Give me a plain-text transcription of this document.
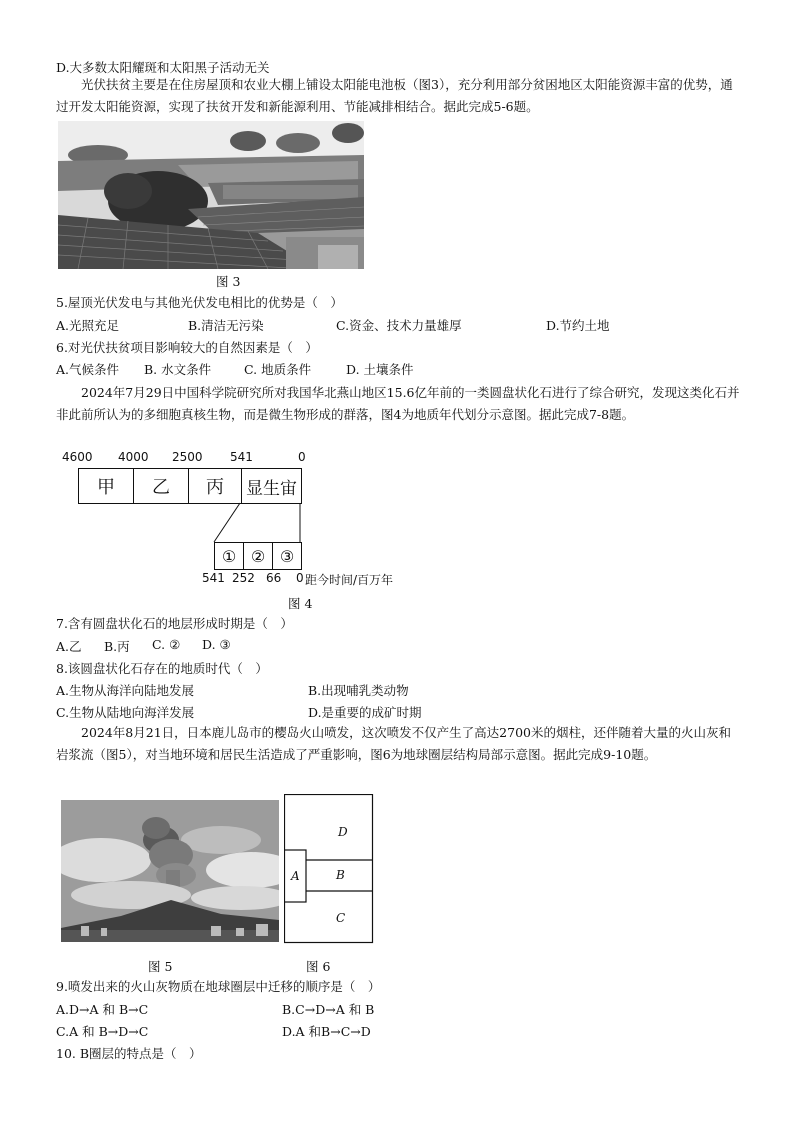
D.大多数太阳耀斑和太阳黑子活动无关
光伏扶贫主要是在住房屋顶和农业大棚上铺设太阳能电池板（图3），充分利用部分贫困地区太阳能资源丰富的优势，通过开发太阳能资源，实现了扶贫开发和新能源利用、节能减排相结合。据此完成5-6题。
图 3
5.屋顶光伏发电与其他光伏发电相比的优势是（　）
A.光照充足	B.清洁无污染	C.资金、技术力量雄厚	D.节约土地
6.对光伏扶贫项目影响较大的自然因素是（　）
A.气候条件 B. 水文条件	C. 地质条件	D. 土壤条件
2024年7月29日中国科学院研究所对我国华北燕山地区15.6亿年前的一类圆盘状化石进行了综合研究，发现这类化石并非此前所认为的多细胞真核生物，而是微生物形成的群落，图4为地质年代划分示意图。据此完成7-8题。
4600 4000 2500 541	0
甲	乙	丙	显生宙
① ② ③
541 252 66 0 距今时间/百万年
图 4
7.含有圆盘状化石的地层形成时期是（　）
A.乙 B.丙 C. ② D. ③
8.该圆盘状化石存在的地质时代（　）
A.生物从海洋向陆地发展	B.出现哺乳类动物
C.生物从陆地向海洋发展	D.是重要的成矿时期
2024年8月21日，日本鹿儿岛市的樱岛火山喷发，这次喷发不仅产生了高达2700米的烟柱，还伴随着大量的火山灰和岩浆流（图5），对当地环境和居民生活造成了严重影响，图6为地球圈层结构局部示意图。据此完成9-10题。
图 5
D
A	B
C
图 6
9.喷发出来的火山灰物质在地球圈层中迁移的顺序是（　）
A.D→A 和 B→C	B.C→D→A 和 B
C.A 和 B→D→C	D.A 和B→C→D
10. B圈层的特点是（　）
